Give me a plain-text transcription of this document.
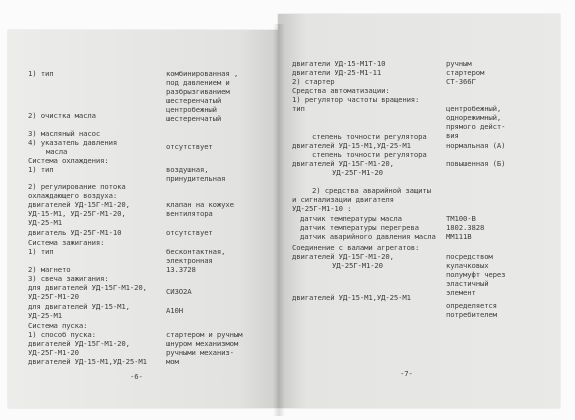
1) тип
2) очистка масла
3) масляный насос
4) указатель давления
масла
Система охлаждения:
1) тип
2) регулирование потока
охлаждающего воздуха:
двигателей УД-15Г-М1-20,
УД-15-М1, УД-25Г-М1-20,
УД-25-М1
двигатель УД-25Г-М1-10
Система зажигания:
1) тип
2) магнето
3) свеча зажигания:
для двигателей УД-15Г-М1-20,
УД-25Г-М1-20
для двигателей УД-15-М1,
УД-25-М1
Система пуска:
1) способ пуска:
двигателей УД-15Г-М1-20,
УД-25Г-М1-20
двигателей УД-15-М1,УД-25-М1
комбинированная ,
под давлением и
разбрызгиванием
шестеренчатый
центробежный
шестеренчатый
отсутствует
воздушная,
принудительная
клапан на кожухе
вентилятора
отсутствует
бесконтактная,
электронная
13.3728
СИЗО2А
А10Н
стартером и ручным
шнуром механизмом
ручными механиз-
мом
-6-
двигатели УД-15-М1Т-10
двигатели УД-25-М1-11
2) стартер
Средства автоматизации:
1) регулятор частоты вращения:
тип
степень точности регулятора
двигателей УД-15-М1,УД-25-М1
степень точности регулятора
двигателей УД-15Г-М1-20,
УД-25Г-М1-20
2) средства аварийной защиты
и сигнализации двигателя
УД-25Г-М1-10 :
датчик температуры масла
датчик температуры перегрева
датчик аварийного давления масла
Соединение с валами агрегатов:
двигателей УД-15Г-М1-20,
УД-25Г-М1-20
двигателей УД-15-М1,УД-25-М1
ручным
стартером
СТ-366Г
центробежный,
однорежимный,
прямого дейст-
вия
нормальная (А)
повышенная (Б)
ТМ100-В
1802.3828
ММ111В
посредством
кулачковых
полумуфт через
эластичный
элемент
определяется
потребителем
-7-
